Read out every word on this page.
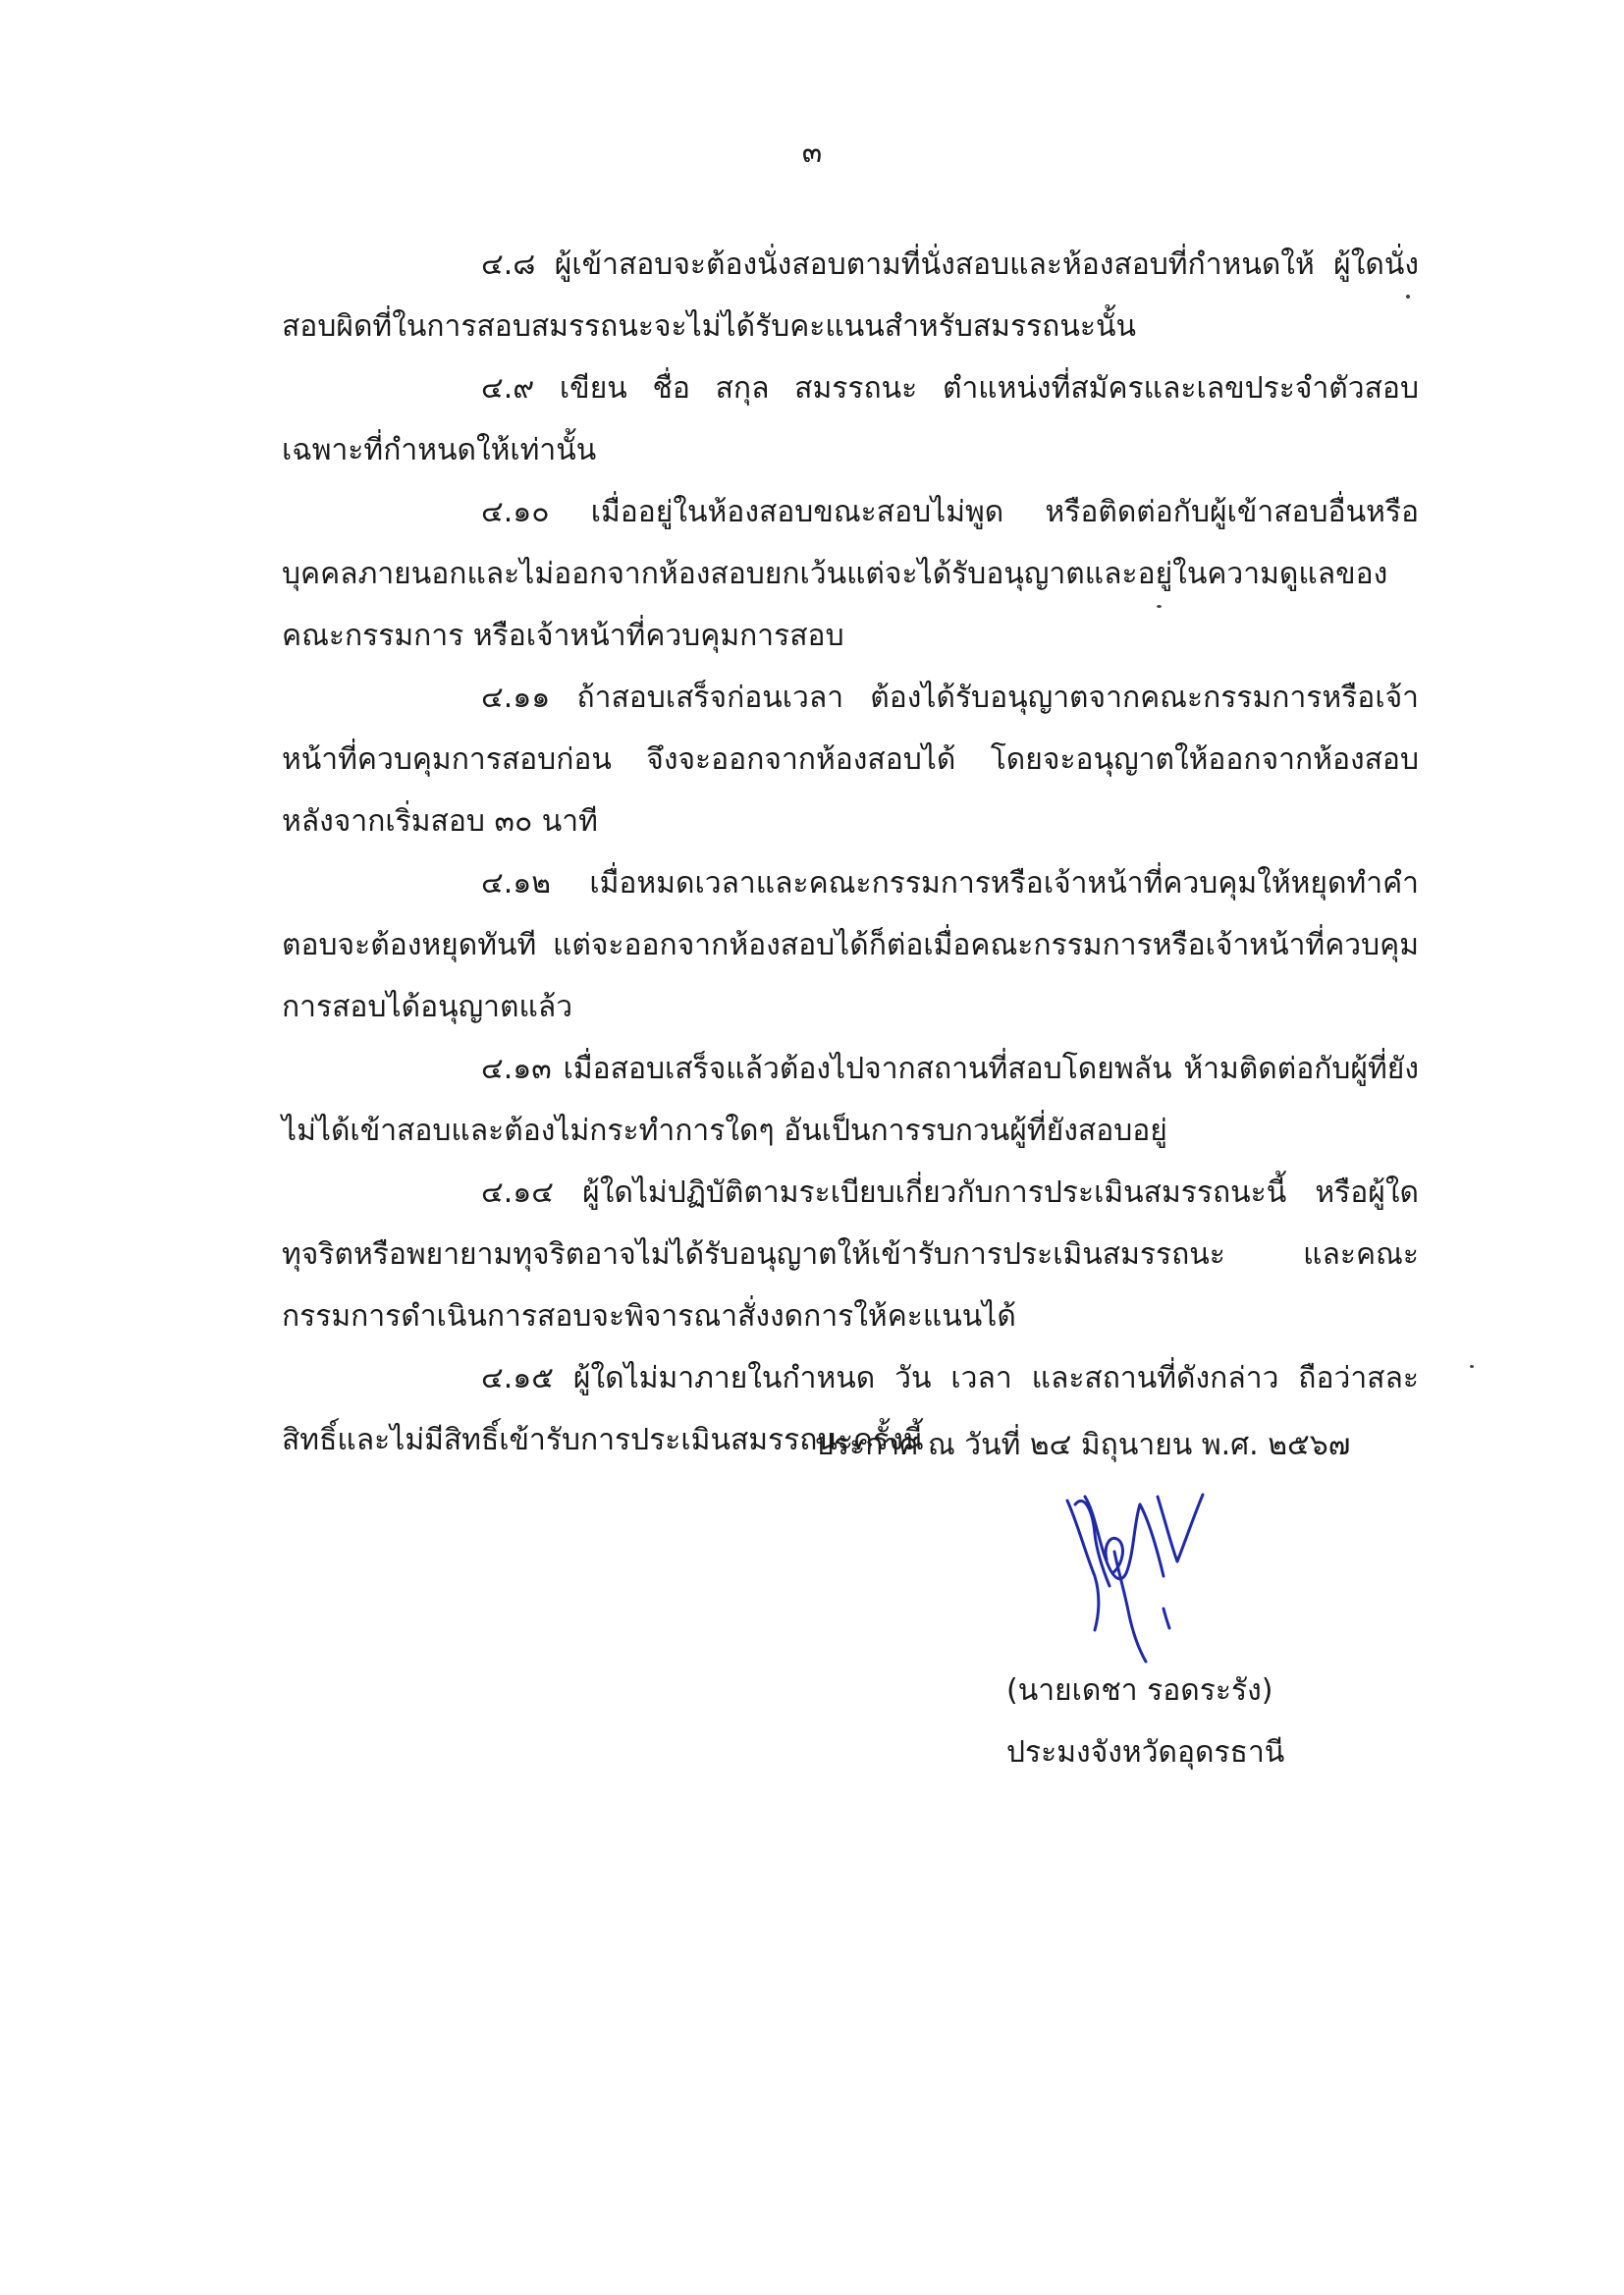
๓

๔.๘ ผู้เข้าสอบจะต้องนั่งสอบตามที่นั่งสอบและห้องสอบที่กำหนดให้ ผู้ใดนั่งสอบผิดที่ในการสอบสมรรถนะจะไม่ได้รับคะแนนสำหรับสมรรถนะนั้น

๔.๙ เขียน ชื่อ สกุล สมรรถนะ ตำแหน่งที่สมัครและเลขประจำตัวสอบเฉพาะที่กำหนดให้เท่านั้น

๔.๑๐ เมื่ออยู่ในห้องสอบขณะสอบไม่พูด หรือติดต่อกับผู้เข้าสอบอื่นหรือบุคคลภายนอกและไม่ออกจากห้องสอบยกเว้นแต่จะได้รับอนุญาตและอยู่ในความดูแลของคณะกรรมการ หรือเจ้าหน้าที่ควบคุมการสอบ

๔.๑๑ ถ้าสอบเสร็จก่อนเวลา ต้องได้รับอนุญาตจากคณะกรรมการหรือเจ้าหน้าที่ควบคุมการสอบก่อน จึงจะออกจากห้องสอบได้ โดยจะอนุญาตให้ออกจากห้องสอบหลังจากเริ่มสอบ ๓๐ นาที

๔.๑๒ เมื่อหมดเวลาและคณะกรรมการหรือเจ้าหน้าที่ควบคุมให้หยุดทำคำตอบจะต้องหยุดทันที แต่จะออกจากห้องสอบได้ก็ต่อเมื่อคณะกรรมการหรือเจ้าหน้าที่ควบคุมการสอบได้อนุญาตแล้ว

๔.๑๓ เมื่อสอบเสร็จแล้วต้องไปจากสถานที่สอบโดยพลัน ห้ามติดต่อกับผู้ที่ยังไม่ได้เข้าสอบและต้องไม่กระทำการใดๆ อันเป็นการรบกวนผู้ที่ยังสอบอยู่

๔.๑๔ ผู้ใดไม่ปฏิบัติตามระเบียบเกี่ยวกับการประเมินสมรรถนะนี้ หรือผู้ใดทุจริตหรือพยายามทุจริตอาจไม่ได้รับอนุญาตให้เข้ารับการประเมินสมรรถนะ และคณะกรรมการดำเนินการสอบจะพิจารณาสั่งงดการให้คะแนนได้

๔.๑๕ ผู้ใดไม่มาภายในกำหนด วัน เวลา และสถานที่ดังกล่าว ถือว่าสละสิทธิ์และไม่มีสิทธิ์เข้ารับการประเมินสมรรถนะครั้งนี้

ประกาศ ณ วันที่ ๒๔ มิถุนายน พ.ศ. ๒๕๖๗
(นายเดชา รอดระรัง)
ประมงจังหวัดอุดรธานี
